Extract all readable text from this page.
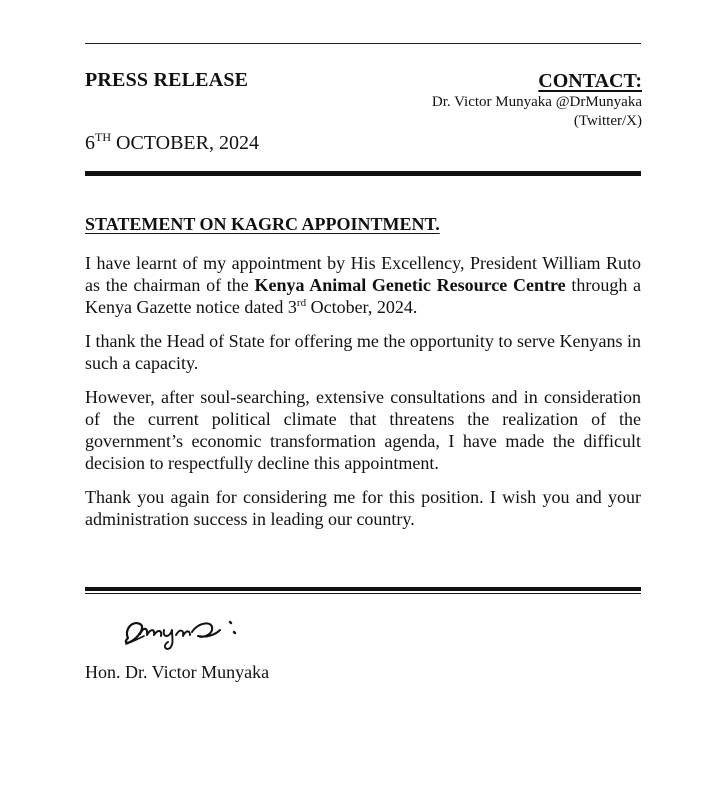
PRESS RELEASE	CONTACT:
Dr. Victor Munyaka @DrMunyaka
(Twitter/X)
6TH OCTOBER, 2024
STATEMENT ON KAGRC APPOINTMENT.

I have learnt of my appointment by His Excellency, President William Ruto as the chairman of the Kenya Animal Genetic Resource Centre through a Kenya Gazette notice dated 3rd October, 2024.

I thank the Head of State for offering me the opportunity to serve Kenyans in such a capacity.

However, after soul-searching, extensive consultations and in consideration of the current political climate that threatens the realization of the government’s economic transformation agenda, I have made the difficult decision to respectfully decline this appointment.

Thank you again for considering me for this position. I wish you and your administration success in leading our country.

Hon. Dr. Victor Munyaka
